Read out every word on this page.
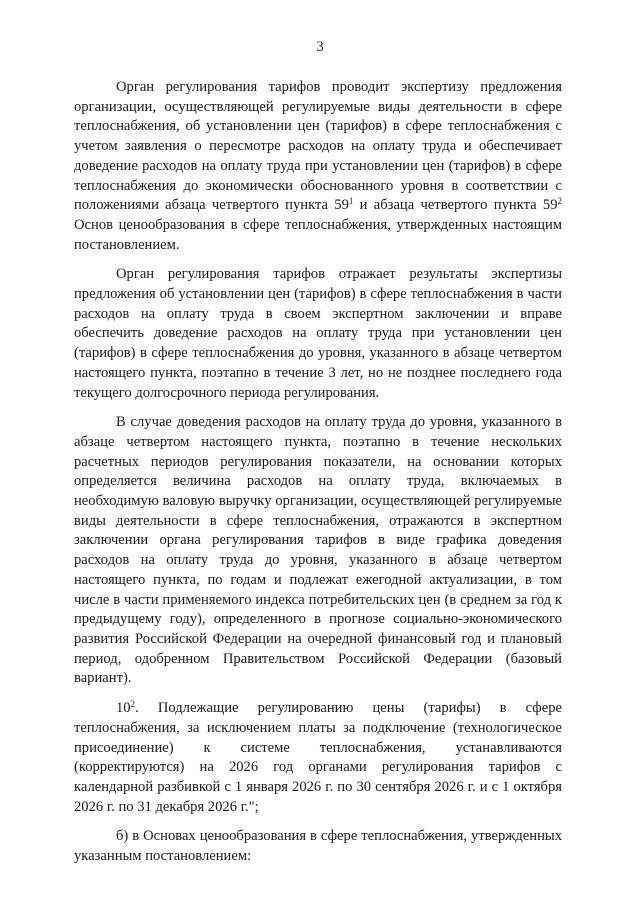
3

Орган регулирования тарифов проводит экспертизу предложения организации, осуществляющей регулируемые виды деятельности в сфере теплоснабжения, об установлении цен (тарифов) в сфере теплоснабжения с учетом заявления о пересмотре расходов на оплату труда и обеспечивает доведение расходов на оплату труда при установлении цен (тарифов) в сфере теплоснабжения до экономически обоснованного уровня в соответствии с положениями абзаца четвертого пункта $59^1$ и абзаца четвертого пункта $59^2$ Основ ценообразования в сфере теплоснабжения, утвержденных настоящим постановлением.

Орган регулирования тарифов отражает результаты экспертизы предложения об установлении цен (тарифов) в сфере теплоснабжения в части расходов на оплату труда в своем экспертном заключении и вправе обеспечить доведение расходов на оплату труда при установлении цен (тарифов) в сфере теплоснабжения до уровня, указанного в абзаце четвертом настоящего пункта, поэтапно в течение 3 лет, но не позднее последнего года текущего долгосрочного периода регулирования.

В случае доведения расходов на оплату труда до уровня, указанного в абзаце четвертом настоящего пункта, поэтапно в течение нескольких расчетных периодов регулирования показатели, на основании которых определяется величина расходов на оплату труда, включаемых в необходимую валовую выручку организации, осуществляющей регулируемые виды деятельности в сфере теплоснабжения, отражаются в экспертном заключении органа регулирования тарифов в виде графика доведения расходов на оплату труда до уровня, указанного в абзаце четвертом настоящего пункта, по годам и подлежат ежегодной актуализации, в том числе в части применяемого индекса потребительских цен (в среднем за год к предыдущему году), определенного в прогнозе социально-экономического развития Российской Федерации на очередной финансовый год и плановый период, одобренном Правительством Российской Федерации (базовый вариант).

$10^2$. Подлежащие регулированию цены (тарифы) в сфере теплоснабжения, за исключением платы за подключение (технологическое присоединение) к системе теплоснабжения, устанавливаются (корректируются) на 2026 год органами регулирования тарифов с календарной разбивкой с 1 января 2026 г. по 30 сентября 2026 г. и с 1 октября 2026 г. по 31 декабря 2026 г.";

б) в Основах ценообразования в сфере теплоснабжения, утвержденных указанным постановлением:
